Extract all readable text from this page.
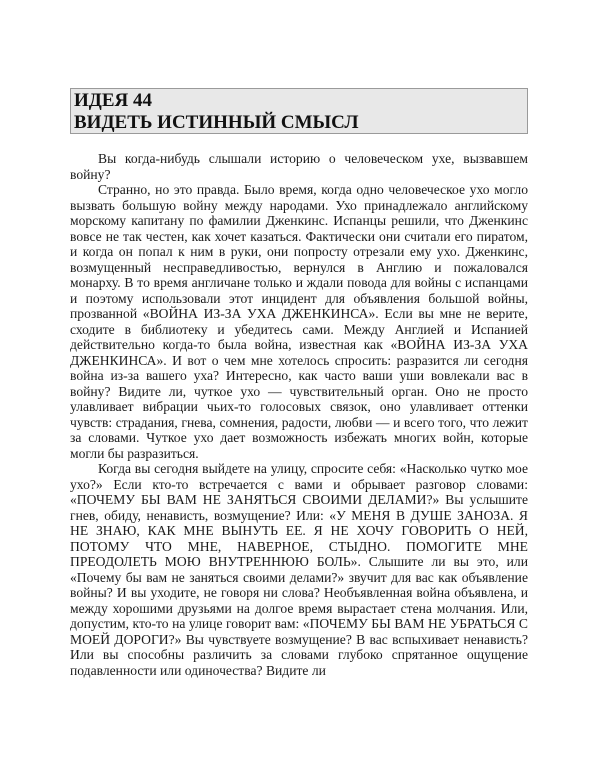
ИДЕЯ 44
ВИДЕТЬ ИСТИННЫЙ СМЫСЛ

Вы когда-нибудь слышали историю о человеческом ухе, вызвавшем войну?

Странно, но это правда. Было время, когда одно человеческое ухо могло вызвать большую войну между народами. Ухо принадлежало английскому морскому капитану по фамилии Дженкинс. Испанцы решили, что Дженкинс вовсе не так честен, как хочет казаться. Фактически они считали его пиратом, и когда он попал к ним в руки, они попросту отрезали ему ухо. Дженкинс, возмущенный несправедливостью, вернулся в Англию и пожаловался монарху. В то время англичане только и ждали повода для войны с испанцами и поэтому использовали этот инцидент для объявления большой войны, прозванной «ВОЙНА ИЗ-ЗА УХА ДЖЕНКИНСА». Если вы мне не верите, сходите в библиотеку и убедитесь сами. Между Англией и Испанией действительно когда-то была война, известная как «ВОЙНА ИЗ-ЗА УХА ДЖЕНКИНСА». И вот о чем мне хотелось спросить: разразится ли сегодня война из-за вашего уха? Интересно, как часто ваши уши вовлекали вас в войну? Видите ли, чуткое ухо — чувствительный орган. Оно не просто улавливает вибрации чьих-то голосовых связок, оно улавливает оттенки чувств: страдания, гнева, сомнения, радости, любви — и всего того, что лежит за словами. Чуткое ухо дает возможность избежать многих войн, которые могли бы разразиться.

Когда вы сегодня выйдете на улицу, спросите себя: «Насколько чутко мое ухо?» Если кто-то встречается с вами и обрывает разговор словами: «ПОЧЕМУ БЫ ВАМ НЕ ЗАНЯТЬСЯ СВОИМИ ДЕЛАМИ?» Вы услышите гнев, обиду, ненависть, возмущение? Или: «У МЕНЯ В ДУШЕ ЗАНОЗА. Я НЕ ЗНАЮ, КАК МНЕ ВЫНУТЬ ЕЕ. Я НЕ ХОЧУ ГОВОРИТЬ О НЕЙ, ПОТОМУ ЧТО МНЕ, НАВЕРНОЕ, СТЫДНО. ПОМОГИТЕ МНЕ ПРЕОДОЛЕТЬ МОЮ ВНУТРЕННЮЮ БОЛЬ». Слышите ли вы это, или «Почему бы вам не заняться своими делами?» звучит для вас как объявление войны? И вы уходите, не говоря ни слова? Необъявленная война объявлена, и между хорошими друзьями на долгое время вырастает стена молчания. Или, допустим, кто-то на улице говорит вам: «ПОЧЕМУ БЫ ВАМ НЕ УБРАТЬСЯ С МОЕЙ ДОРОГИ?» Вы чувствуете возмущение? В вас вспыхивает ненависть? Или вы способны различить за словами глубоко спрятанное ощущение подавленности или одиночества? Видите ли
